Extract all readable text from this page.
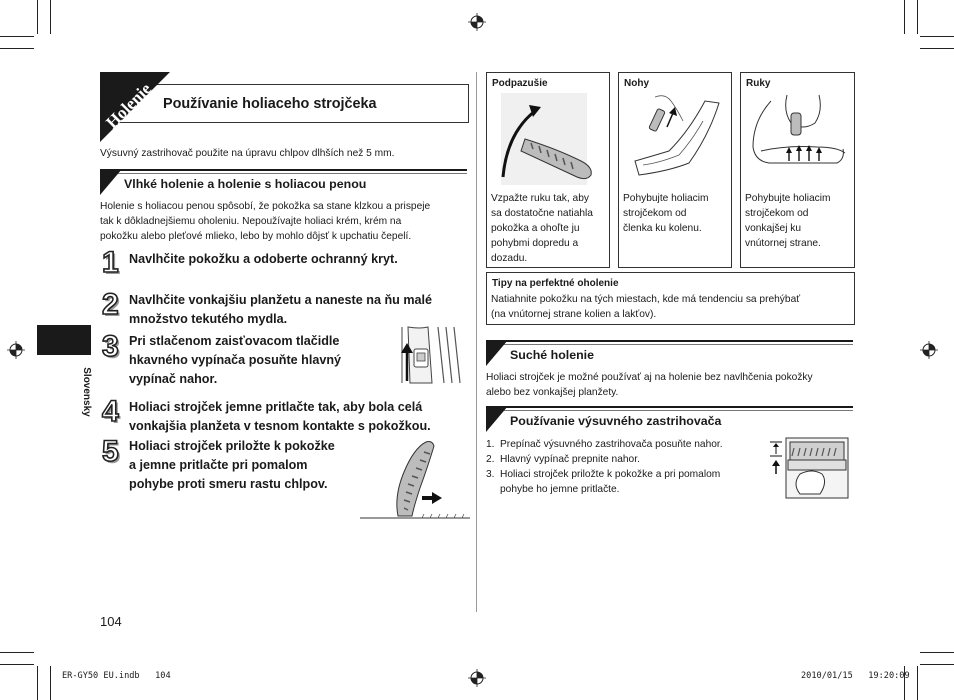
Slovensky
Holenie Používanie holiaceho strojčeka
Výsuvný zastrihovač použite na úpravu chlpov dlhších než 5 mm.
Vlhké holenie a holenie s holiacou penou
Holenie s holiacou penou spôsobí, že pokožka sa stane klzkou a prispeje
tak k dôkladnejšiemu oholeniu. Nepoužívajte holiaci krém, krém na
pokožku alebo pleťové mlieko, lebo by mohlo dôjsť k upchatiu čepelí.
1 Navlhčite pokožku a odoberte ochranný kryt.
2 Navlhčite vonkajšiu planžetu a naneste na ňu malé
množstvo tekutého mydla.
3 Pri stlačenom zaisťovacom tlačidle
hkavného vypínača posuňte hlavný
vypínač nahor.
4 Holiaci strojček jemne pritlačte tak, aby bola celá
vonkajšia planžeta v tesnom kontakte s pokožkou.
5 Holiaci strojček priložte k pokožke
a jemne pritlačte pri pomalom
pohybe proti smeru rastu chlpov.
104
ER-GY50 EU.indb   104	2010/01/15   19:20:09
Podpazušie
Vzpažte ruku tak, aby
sa dostatočne natiahla
pokožka a ohoľte ju
pohybmi dopredu a
dozadu.
Nohy
Pohybujte holiacim
strojčekom od
členka ku kolenu.
Ruky
Pohybujte holiacim
strojčekom od
vonkajšej ku
vnútornej strane.
Tipy na perfektné oholenie
Natiahnite pokožku na tých miestach, kde má tendenciu sa prehýbať
(na vnútornej strane kolien a lakťov).
Suché holenie
Holiaci strojček je možné používať aj na holenie bez navlhčenia pokožky
alebo bez vonkajšej planžety.
Používanie výsuvného zastrihovača
1. Prepínač výsuvného zastrihovača posuňte nahor.
2. Hlavný vypínač prepnite nahor.
3. Holiaci strojček priložte k pokožke a pri pomalom
pohybe ho jemne pritlačte.
